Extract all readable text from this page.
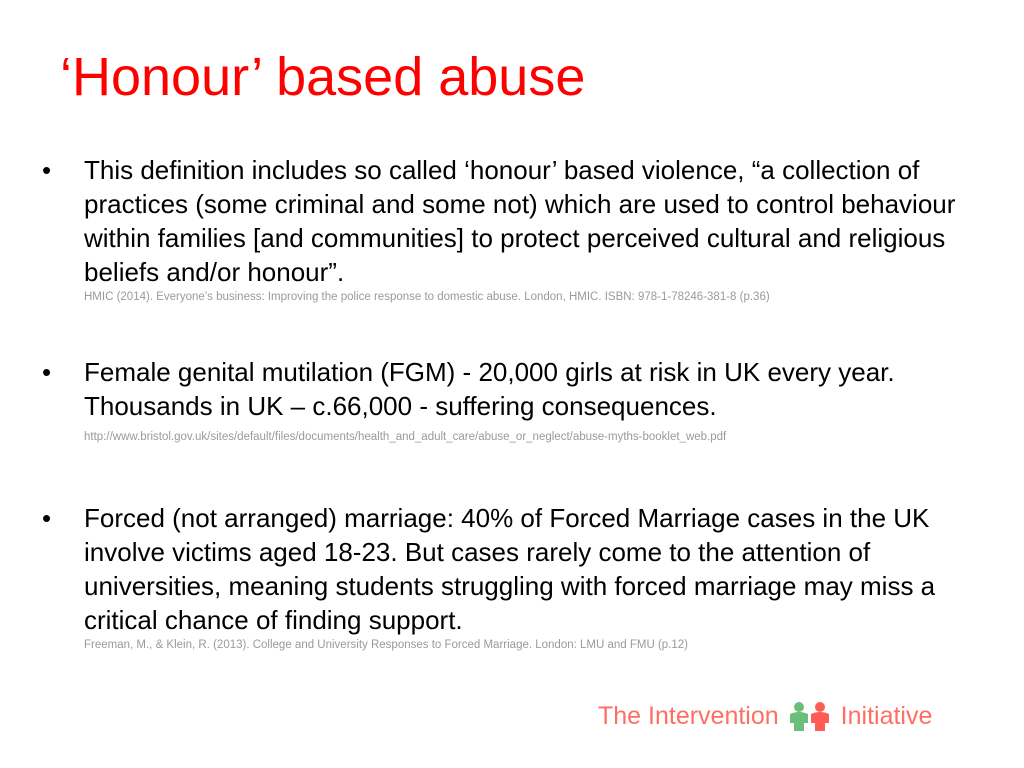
‘Honour’ based abuse
• This definition includes so called ‘honour’ based violence, “a collection of practices (some criminal and some not) which are used to control behaviour within families [and communities] to protect perceived cultural and religious beliefs and/or honour”.
HMIC (2014). Everyone’s business: Improving the police response to domestic abuse. London, HMIC. ISBN: 978-1-78246-381-8 (p.36)
• Female genital mutilation (FGM) - 20,000 girls at risk in UK every year. Thousands in UK – c.66,000 - suffering consequences.
http://www.bristol.gov.uk/sites/default/files/documents/health_and_adult_care/abuse_or_neglect/abuse-myths-booklet_web.pdf
• Forced (not arranged) marriage: 40% of Forced Marriage cases in the UK involve victims aged 18-23. But cases rarely come to the attention of universities, meaning students struggling with forced marriage may miss a critical chance of finding support.
Freeman, M., & Klein, R. (2013). College and University Responses to Forced Marriage. London: LMU and FMU (p.12)
The Intervention Initiative
